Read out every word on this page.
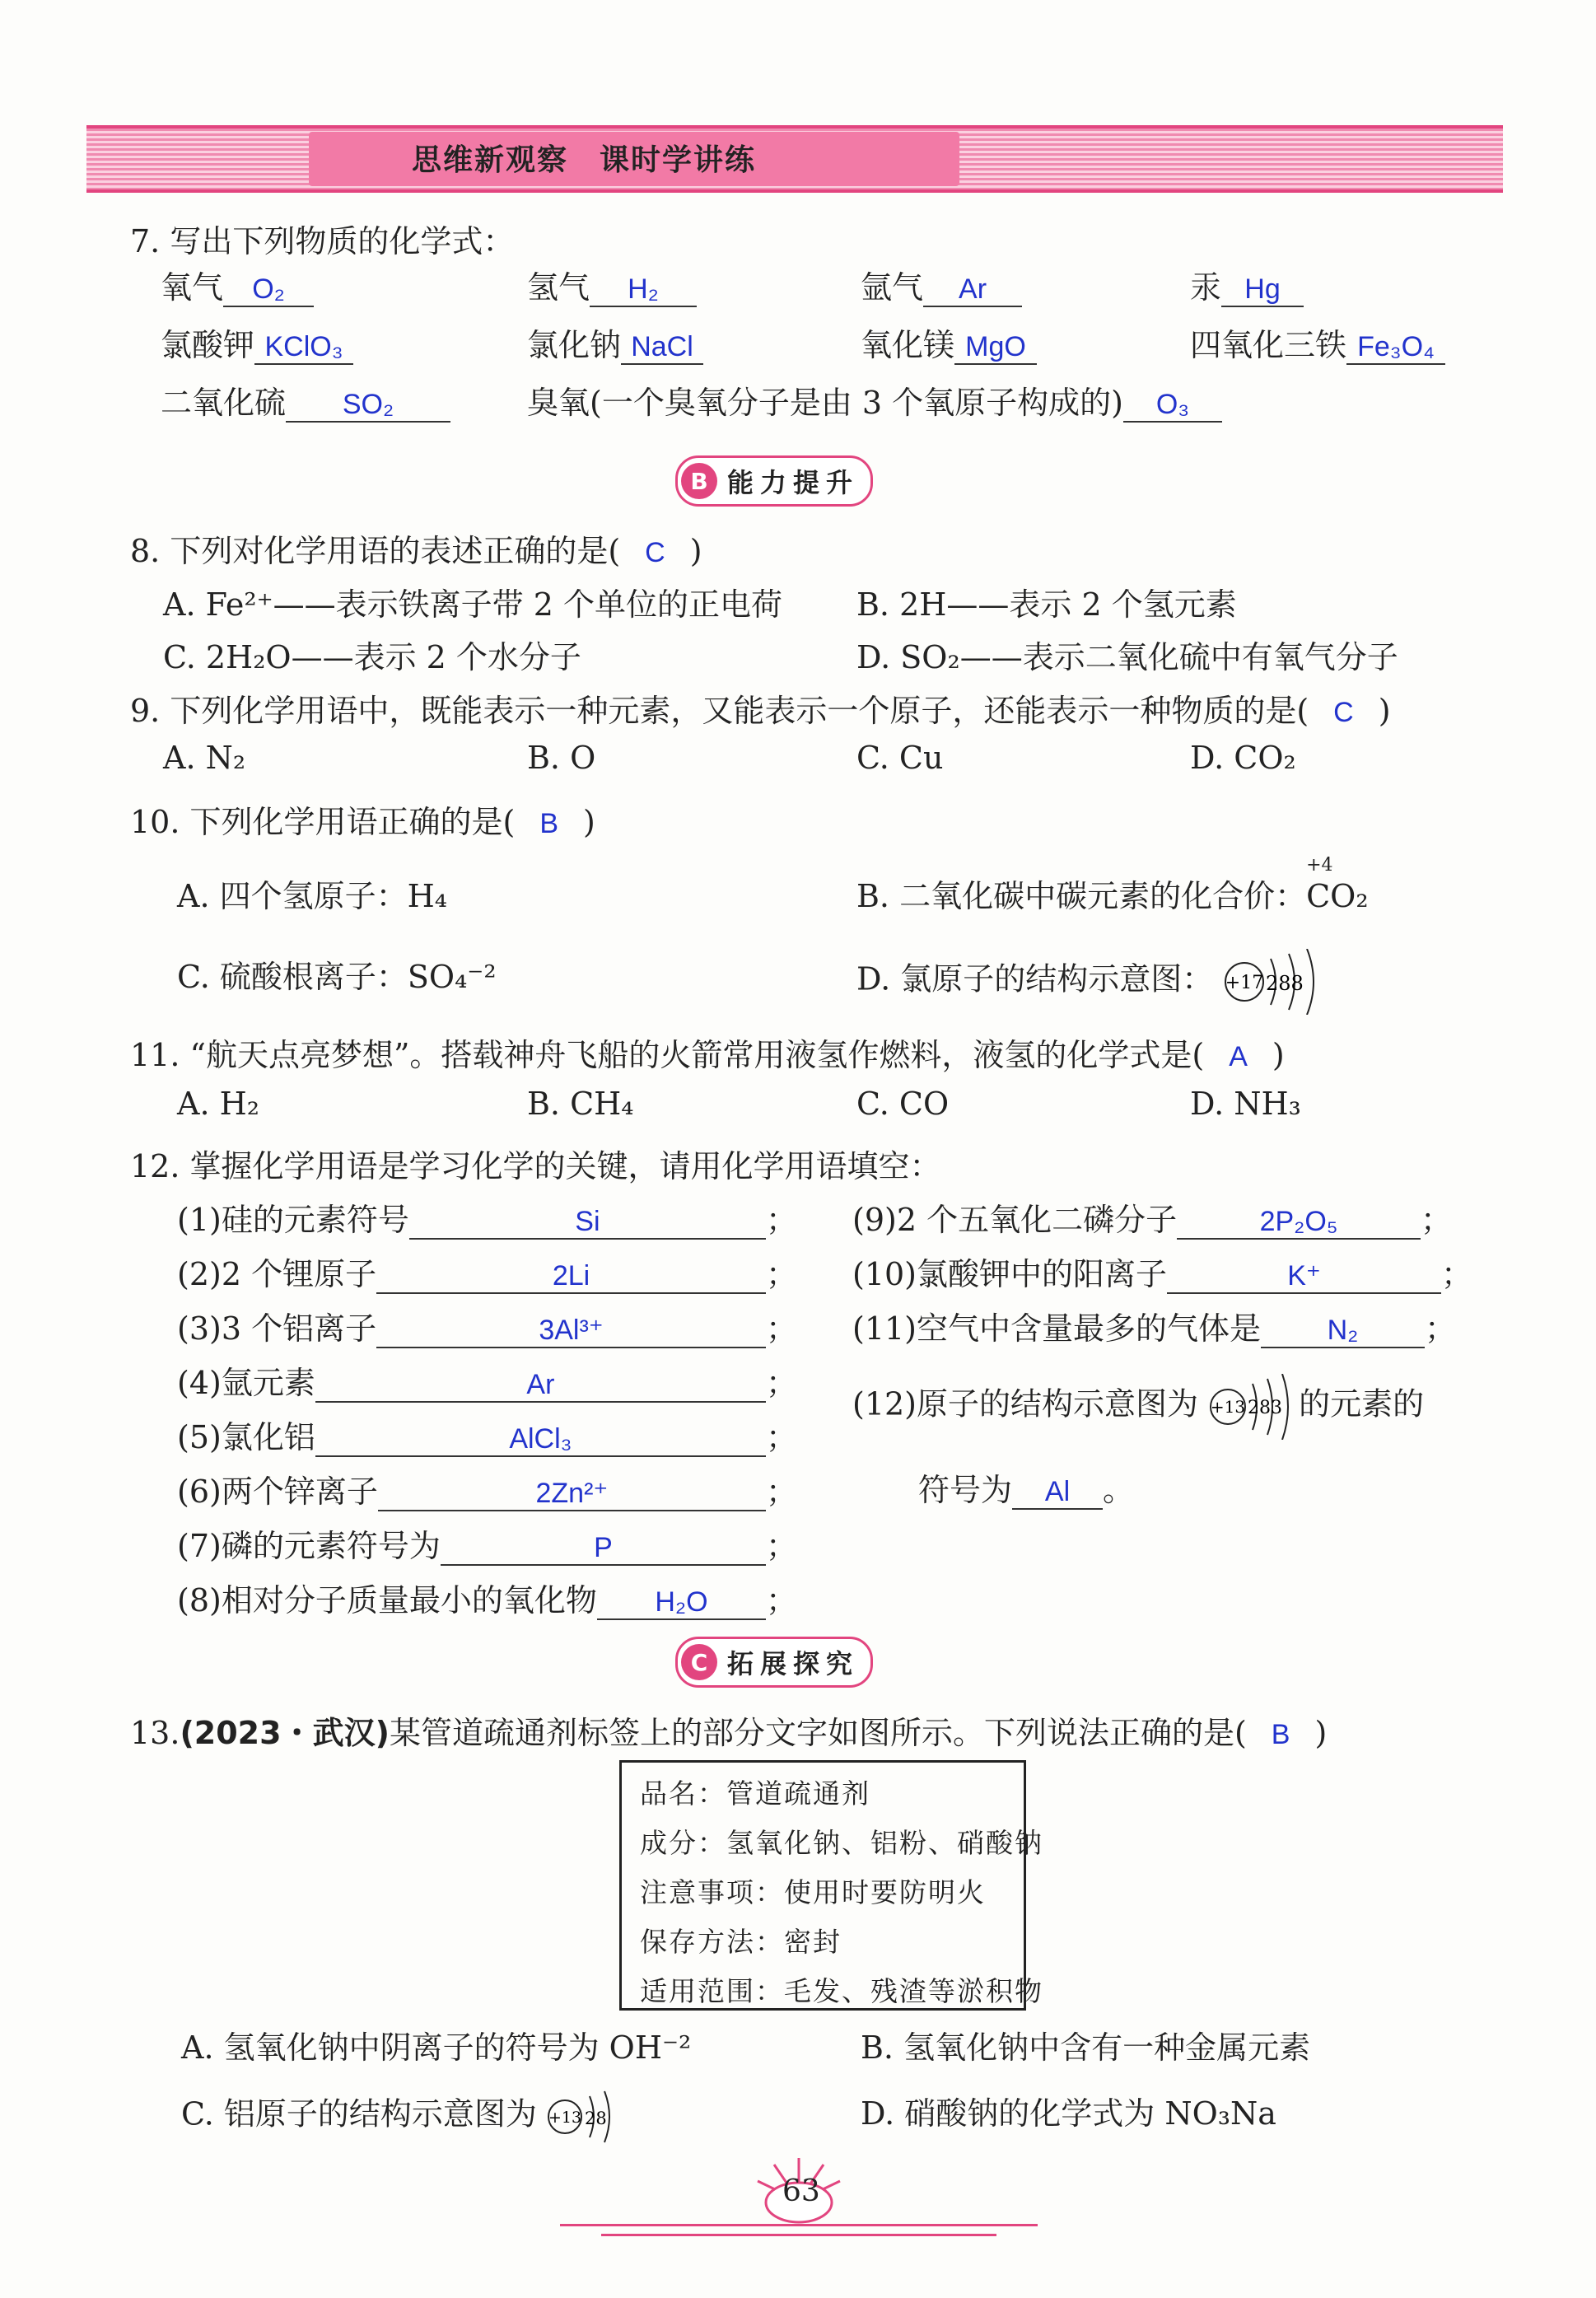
思维新观察　课时学讲练
7. 写出下列物质的化学式：
氧气 O₂	氢气 H₂	氩气 Ar	汞 Hg
氯酸钾 KClO₃	氯化钠 NaCl	氧化镁 MgO	四氧化三铁 Fe₃O₄
二氧化硫 SO₂	臭氧(一个臭氧分子是由 3 个氧原子构成的) O₃
B 能力提升
8. 下列对化学用语的表述正确的是( C )
A. Fe²⁺——表示铁离子带 2 个单位的正电荷 B. 2H——表示 2 个氢元素
C. 2H₂O——表示 2 个水分子	D. SO₂——表示二氧化硫中有氧气分子
9. 下列化学用语中，既能表示一种元素，又能表示一个原子，还能表示一种物质的是( C )
A. N₂	B. O	C. Cu	D. CO₂
10. 下列化学用语正确的是( B )
A. 四个氢原子：H₄	B. 二氧化碳中碳元素的化合价：
+4
CO₂
C. 硫酸根离子：SO₄⁻²	D. 氯原子的结构示意图： +17 288
11. “航天点亮梦想”。搭载神舟飞船的火箭常用液氢作燃料，液氢的化学式是( A )
A. H₂	B. CH₄	C. CO	D. NH₃
12. 掌握化学用语是学习化学的关键，请用化学用语填空：
(1)硅的元素符号	Si	；
(2)2 个锂原子	2Li	；
(3)3 个铝离子	3Al³⁺	；
(4)氩元素	Ar	；
(5)氯化铝	AlCl₃	；
(6)两个锌离子	2Zn²⁺	；
(7)磷的元素符号为	P	；
(8)相对分子质量最小的氧化物 H₂O ；
(9)2 个五氧化二磷分子	2P₂O₅	；
(10)氯酸钾中的阳离子	K⁺	；
(11)空气中含量最多的气体是 N₂ ；
(12)原子的结构示意图为 +13 283 的元素的
符号为 Al 。
C 拓展探究
13.(2023・武汉)某管道疏通剂标签上的部分文字如图所示。下列说法正确的是( B )
品名：管道疏通剂
成分：氢氧化钠、铝粉、硝酸钠
注意事项：使用时要防明火
保存方法：密封
适用范围：毛发、残渣等淤积物
A. 氢氧化钠中阴离子的符号为 OH⁻²	B. 氢氧化钠中含有一种金属元素
C. 铝原子的结构示意图为 +13 28	D. 硝酸钠的化学式为 NO₃Na
63
